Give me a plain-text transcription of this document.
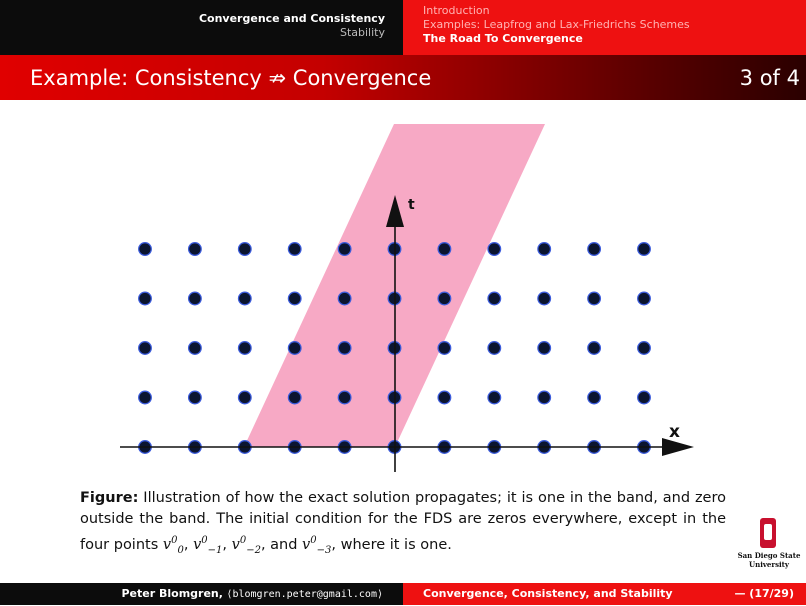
Convergence and Consistency
Stability
Introduction
Examples: Leapfrog and Lax-Friedrichs Schemes
The Road To Convergence
Example: Consistency ⇏ Convergence	3 of 4
t
x
Figure: Illustration of how the exact solution propagates; it is one in the band, and zero outside the band. The initial condition for the FDS are zeros everywhere, except in the four points $v^0_0$, $v^0_{-1}$, $v^0_{-2}$, and $v^0_{-3}$, where it is one.
San Diego State
University
Peter Blomgren, ⟨blomgren.peter@gmail.com⟩	Convergence, Consistency, and Stability	— (17/29)
